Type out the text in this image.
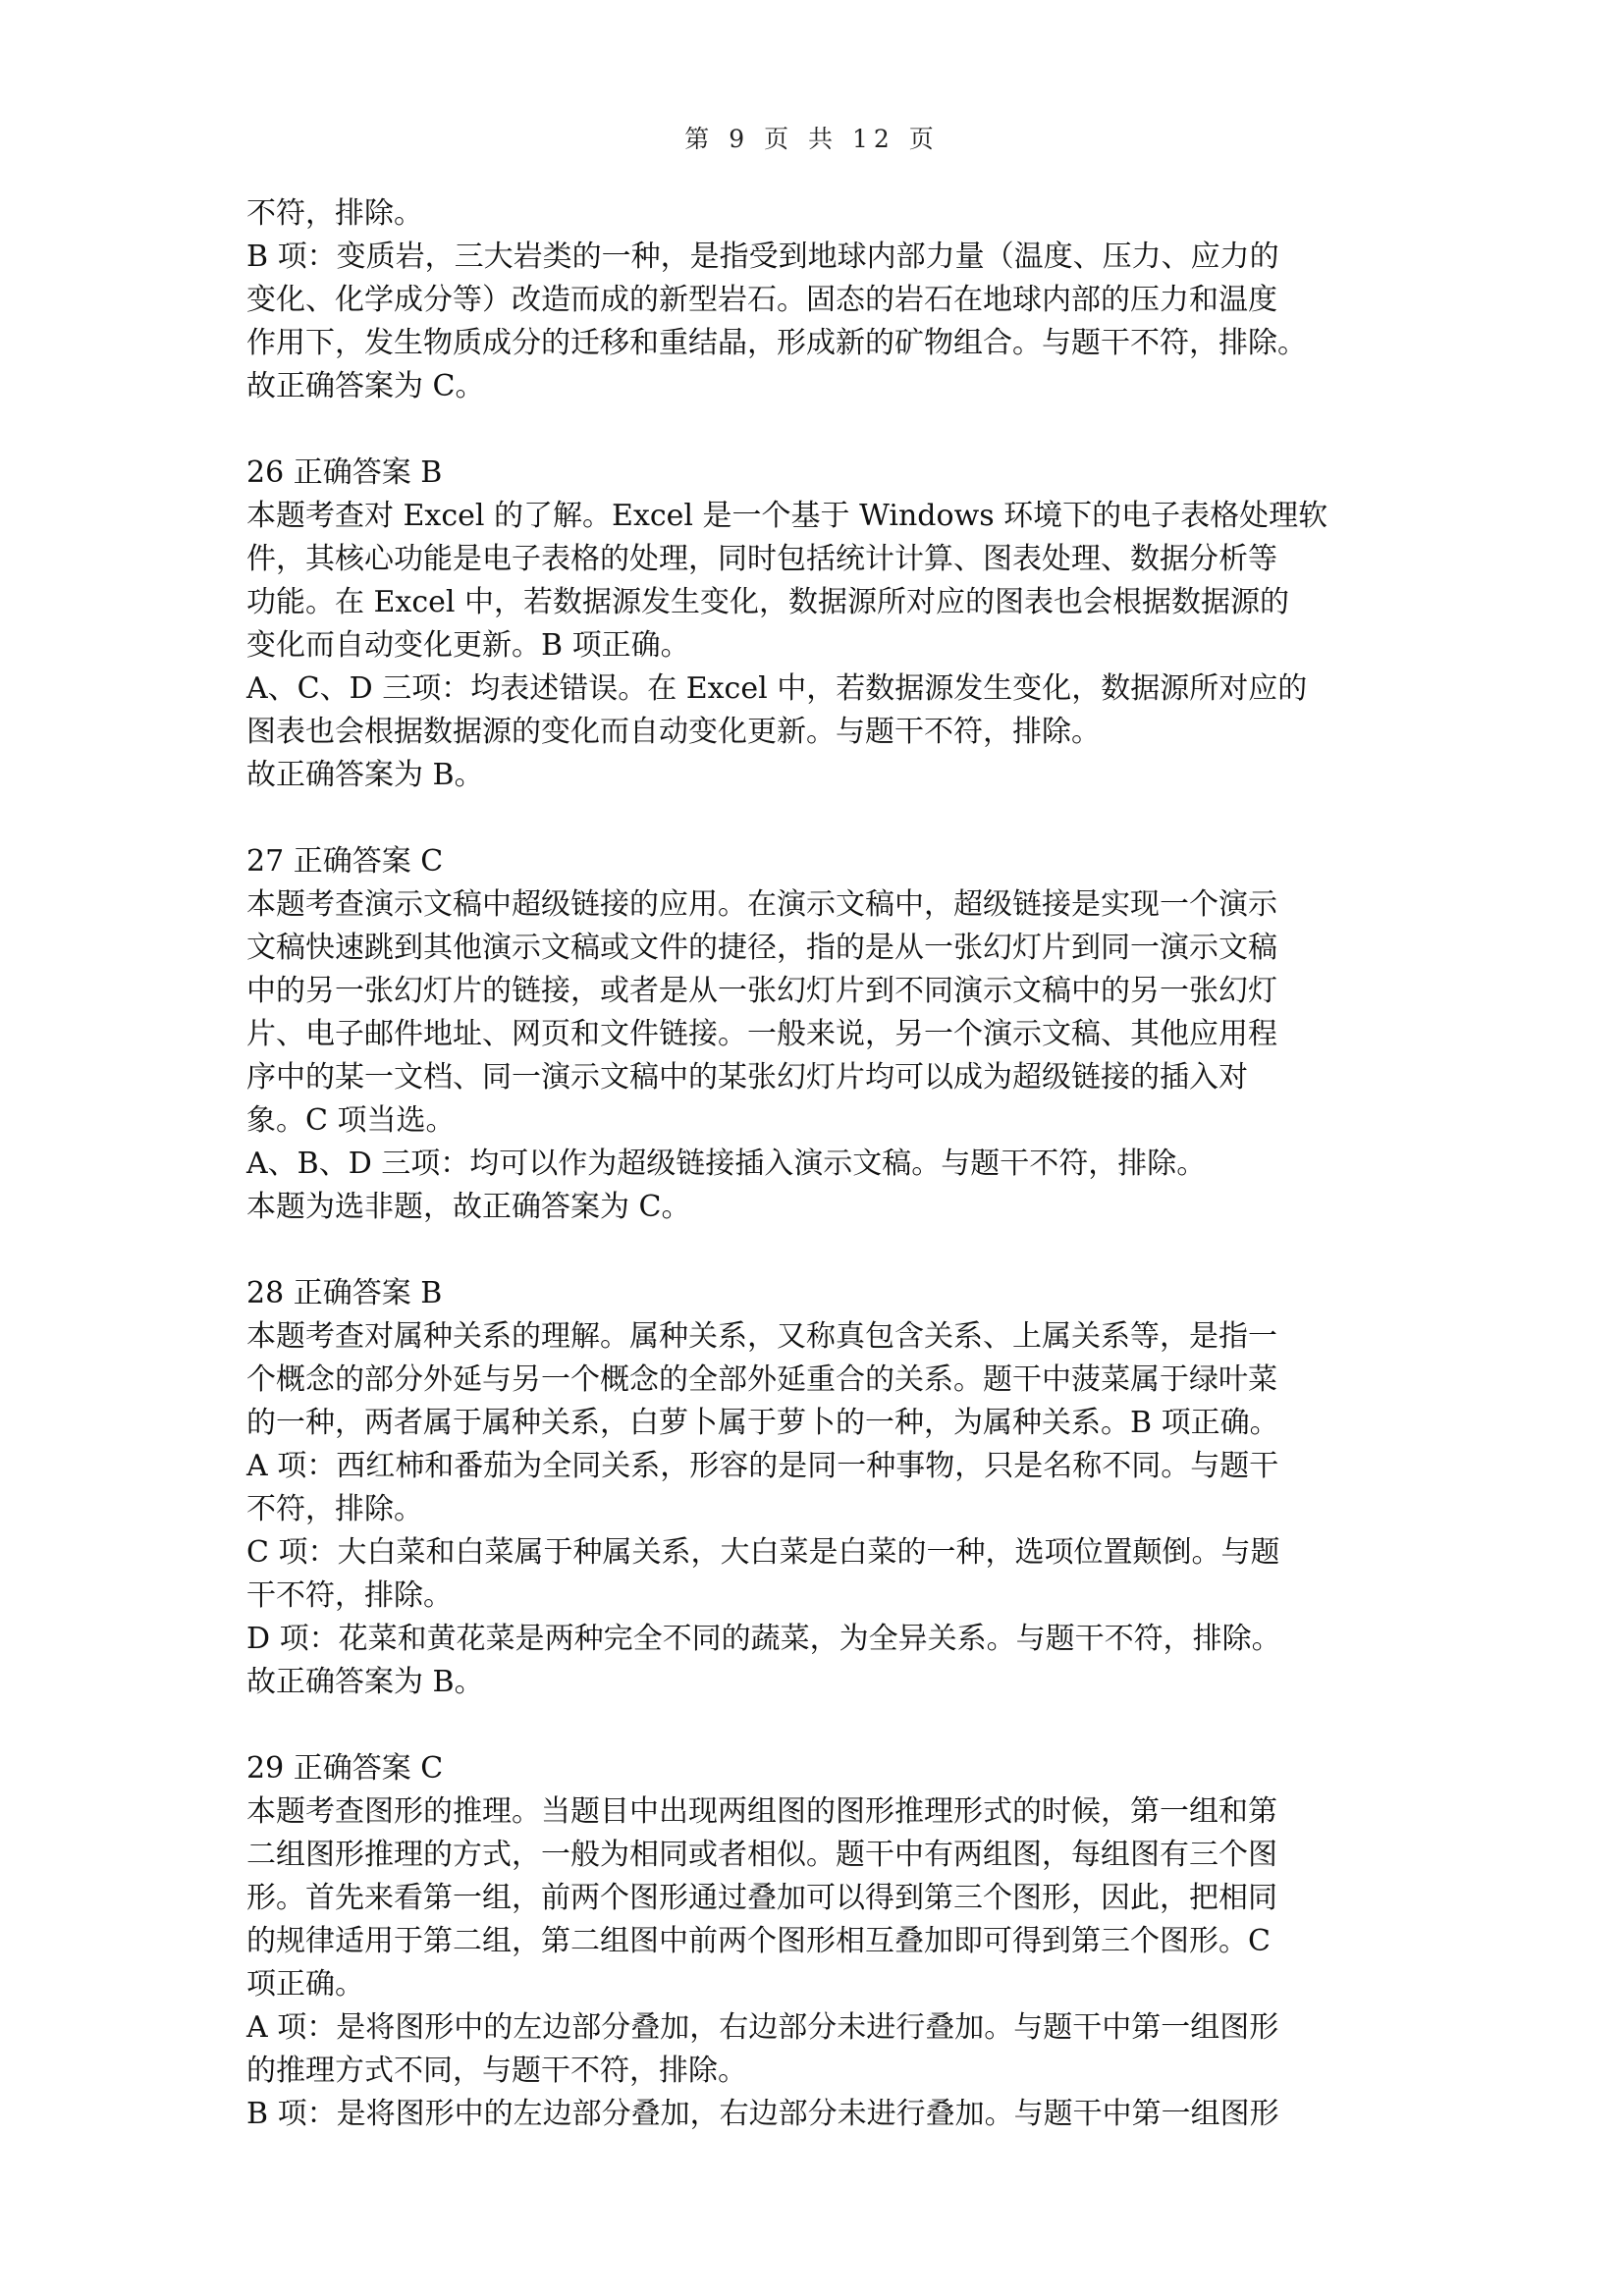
第 9 页 共 12 页

不符，排除。

B 项：变质岩，三大岩类的一种，是指受到地球内部力量（温度、压力、应力的

变化、化学成分等）改造而成的新型岩石。固态的岩石在地球内部的压力和温度

作用下，发生物质成分的迁移和重结晶，形成新的矿物组合。与题干不符，排除。

故正确答案为 C。

26 正确答案 B

本题考查对 Excel 的了解。Excel 是一个基于 Windows 环境下的电子表格处理软

件，其核心功能是电子表格的处理，同时包括统计计算、图表处理、数据分析等

功能。在 Excel 中，若数据源发生变化，数据源所对应的图表也会根据数据源的

变化而自动变化更新。B 项正确。

A、C、D 三项：均表述错误。在 Excel 中，若数据源发生变化，数据源所对应的

图表也会根据数据源的变化而自动变化更新。与题干不符，排除。

故正确答案为 B。

27 正确答案 C

本题考查演示文稿中超级链接的应用。在演示文稿中，超级链接是实现一个演示

文稿快速跳到其他演示文稿或文件的捷径，指的是从一张幻灯片到同一演示文稿

中的另一张幻灯片的链接，或者是从一张幻灯片到不同演示文稿中的另一张幻灯

片、电子邮件地址、网页和文件链接。一般来说，另一个演示文稿、其他应用程

序中的某一文档、同一演示文稿中的某张幻灯片均可以成为超级链接的插入对

象。C 项当选。

A、B、D 三项：均可以作为超级链接插入演示文稿。与题干不符，排除。

本题为选非题，故正确答案为 C。

28 正确答案 B

本题考查对属种关系的理解。属种关系，又称真包含关系、上属关系等，是指一

个概念的部分外延与另一个概念的全部外延重合的关系。题干中菠菜属于绿叶菜

的一种，两者属于属种关系，白萝卜属于萝卜的一种，为属种关系。B 项正确。

A 项：西红柿和番茄为全同关系，形容的是同一种事物，只是名称不同。与题干

不符，排除。

C 项：大白菜和白菜属于种属关系，大白菜是白菜的一种，选项位置颠倒。与题

干不符，排除。

D 项：花菜和黄花菜是两种完全不同的蔬菜，为全异关系。与题干不符，排除。

故正确答案为 B。

29 正确答案 C

本题考查图形的推理。当题目中出现两组图的图形推理形式的时候，第一组和第

二组图形推理的方式，一般为相同或者相似。题干中有两组图，每组图有三个图

形。首先来看第一组，前两个图形通过叠加可以得到第三个图形，因此，把相同

的规律适用于第二组，第二组图中前两个图形相互叠加即可得到第三个图形。C

项正确。

A 项：是将图形中的左边部分叠加，右边部分未进行叠加。与题干中第一组图形

的推理方式不同，与题干不符，排除。

B 项：是将图形中的左边部分叠加，右边部分未进行叠加。与题干中第一组图形
